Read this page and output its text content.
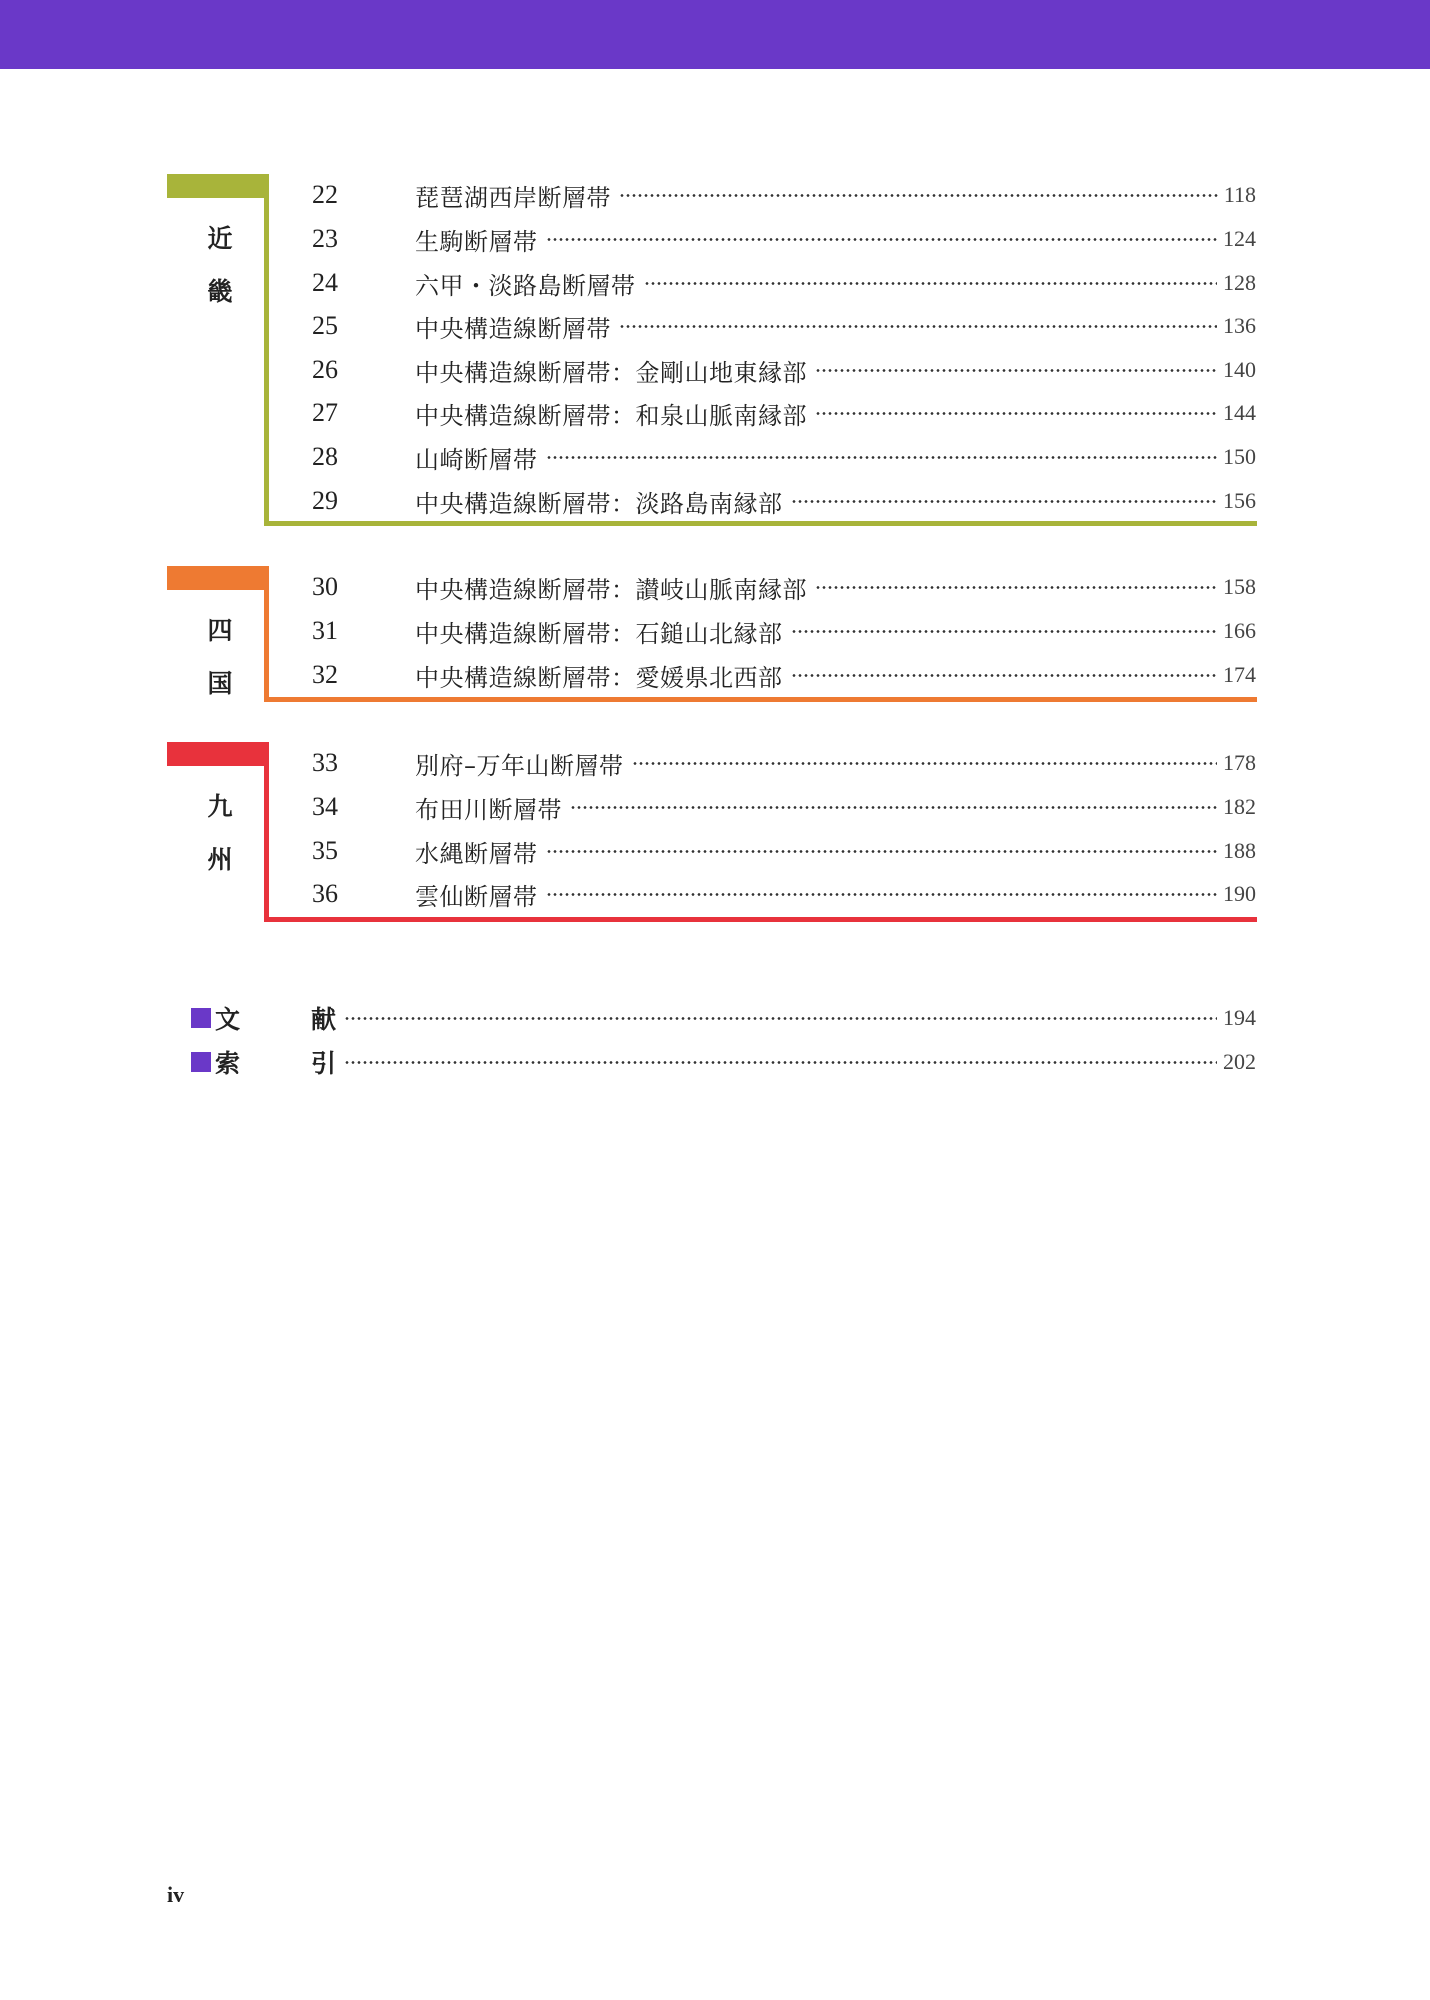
近
畿
22	琵琶湖西岸断層帯	118
23	生駒断層帯	124
24	六甲・淡路島断層帯	128
25	中央構造線断層帯	136
26	中央構造線断層帯：金剛山地東縁部	140
27	中央構造線断層帯：和泉山脈南縁部	144
28	山崎断層帯	150
29	中央構造線断層帯：淡路島南縁部	156
四
国
30	中央構造線断層帯：讃岐山脈南縁部	158
31	中央構造線断層帯：石鎚山北縁部	166
32	中央構造線断層帯：愛媛県北西部	174
九
州
33	別府–万年山断層帯	178
34	布田川断層帯	182
35	水縄断層帯	188
36	雲仙断層帯	190
文	献	194
索	引	202
iv
